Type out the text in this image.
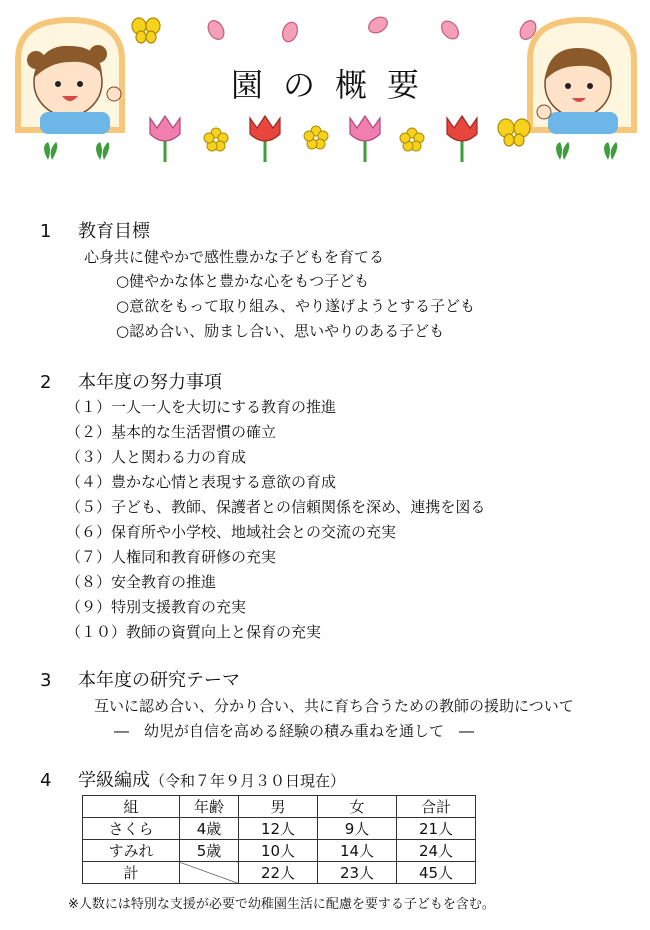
園の概要
1 教育目標
心身共に健やかで感性豊かな子どもを育てる
○健やかな体と豊かな心をもつ子ども
○意欲をもって取り組み、やり遂げようとする子ども
○認め合い、励まし合い、思いやりのある子ども
2 本年度の努力事項
（１）一人一人を大切にする教育の推進
（２）基本的な生活習慣の確立
（３）人と関わる力の育成
（４）豊かな心情と表現する意欲の育成
（５）子ども、教師、保護者との信頼関係を深め、連携を図る
（６）保育所や小学校、地域社会との交流の充実
（７）人権同和教育研修の充実
（８）安全教育の推進
（９）特別支援教育の充実
（１０）教師の資質向上と保育の充実
3 本年度の研究テーマ
互いに認め合い、分かり合い、共に育ち合うための教師の援助について
―　幼児が自信を高める経験の積み重ねを通して　―
4 学級編成（令和７年９月３０日現在）
組	年齢	男	女	合計
さくら	4歳	12人	9人	21人
すみれ	5歳	10人	14人	24人
計		22人	23人	45人
※人数には特別な支援が必要で幼稚園生活に配慮を要する子どもを含む。
